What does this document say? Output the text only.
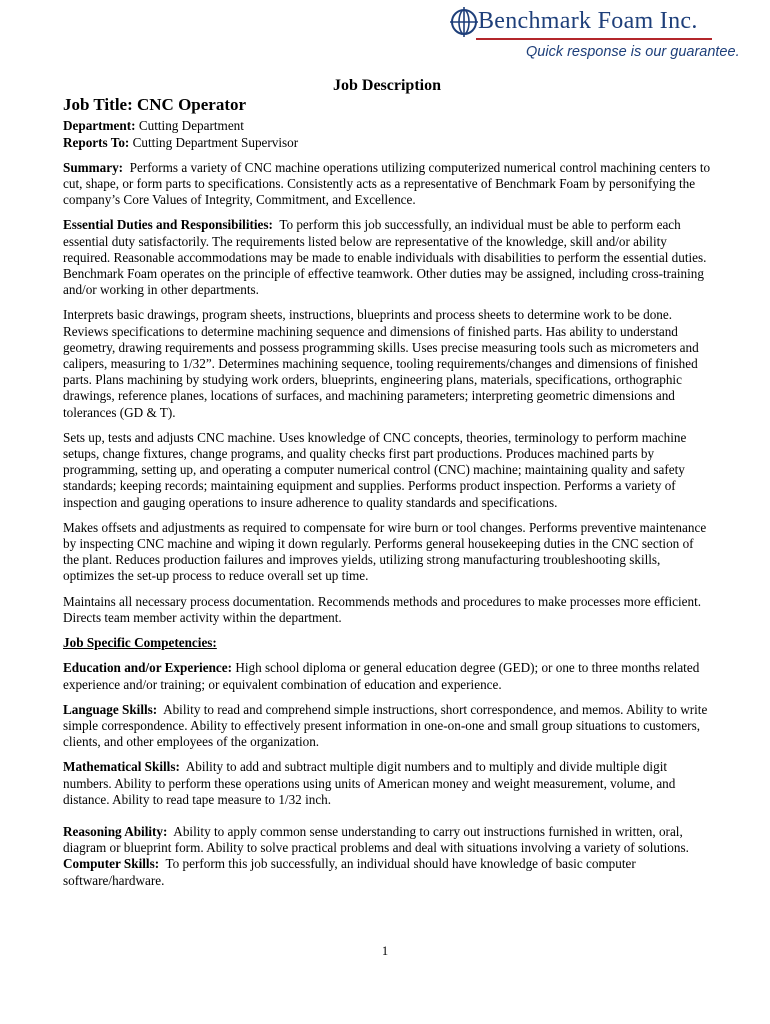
Benchmark Foam Inc.
Quick response is our guarantee.
Job Description
Job Title: CNC Operator
Department: Cutting Department
Reports To: Cutting Department Supervisor

Summary: Performs a variety of CNC machine operations utilizing computerized numerical control machining centers to cut, shape, or form parts to specifications. Consistently acts as a representative of Benchmark Foam by personifying the company’s Core Values of Integrity, Commitment, and Excellence.

Essential Duties and Responsibilities: To perform this job successfully, an individual must be able to perform each essential duty satisfactorily. The requirements listed below are representative of the knowledge, skill and/or ability required. Reasonable accommodations may be made to enable individuals with disabilities to perform the essential duties. Benchmark Foam operates on the principle of effective teamwork. Other duties may be assigned, including cross-training and/or working in other departments.

Interprets basic drawings, program sheets, instructions, blueprints and process sheets to determine work to be done. Reviews specifications to determine machining sequence and dimensions of finished parts. Has ability to understand geometry, drawing requirements and possess programming skills. Uses precise measuring tools such as micrometers and calipers, measuring to 1/32”. Determines machining sequence, tooling requirements/changes and dimensions of finished parts. Plans machining by studying work orders, blueprints, engineering plans, materials, specifications, orthographic drawings, reference planes, locations of surfaces, and machining parameters; interpreting geometric dimensions and tolerances (GD & T).

Sets up, tests and adjusts CNC machine. Uses knowledge of CNC concepts, theories, terminology to perform machine setups, change fixtures, change programs, and quality checks first part productions. Produces machined parts by programming, setting up, and operating a computer numerical control (CNC) machine; maintaining quality and safety standards; keeping records; maintaining equipment and supplies. Performs product inspection. Performs a variety of inspection and gauging operations to insure adherence to quality standards and specifications.

Makes offsets and adjustments as required to compensate for wire burn or tool changes. Performs preventive maintenance by inspecting CNC machine and wiping it down regularly. Performs general housekeeping duties in the CNC section of the plant. Reduces production failures and improves yields, utilizing strong manufacturing troubleshooting skills, optimizes the set-up process to reduce overall set up time.

Maintains all necessary process documentation. Recommends methods and procedures to make processes more efficient. Directs team member activity within the department.

Job Specific Competencies:

Education and/or Experience: High school diploma or general education degree (GED); or one to three months related experience and/or training; or equivalent combination of education and experience.

Language Skills: Ability to read and comprehend simple instructions, short correspondence, and memos. Ability to write simple correspondence. Ability to effectively present information in one-on-one and small group situations to customers, clients, and other employees of the organization.

Mathematical Skills: Ability to add and subtract multiple digit numbers and to multiply and divide multiple digit numbers. Ability to perform these operations using units of American money and weight measurement, volume, and distance. Ability to read tape measure to 1/32 inch.

Reasoning Ability: Ability to apply common sense understanding to carry out instructions furnished in written, oral, diagram or blueprint form. Ability to solve practical problems and deal with situations involving a variety of solutions.

Computer Skills: To perform this job successfully, an individual should have knowledge of basic computer software/hardware.

1
